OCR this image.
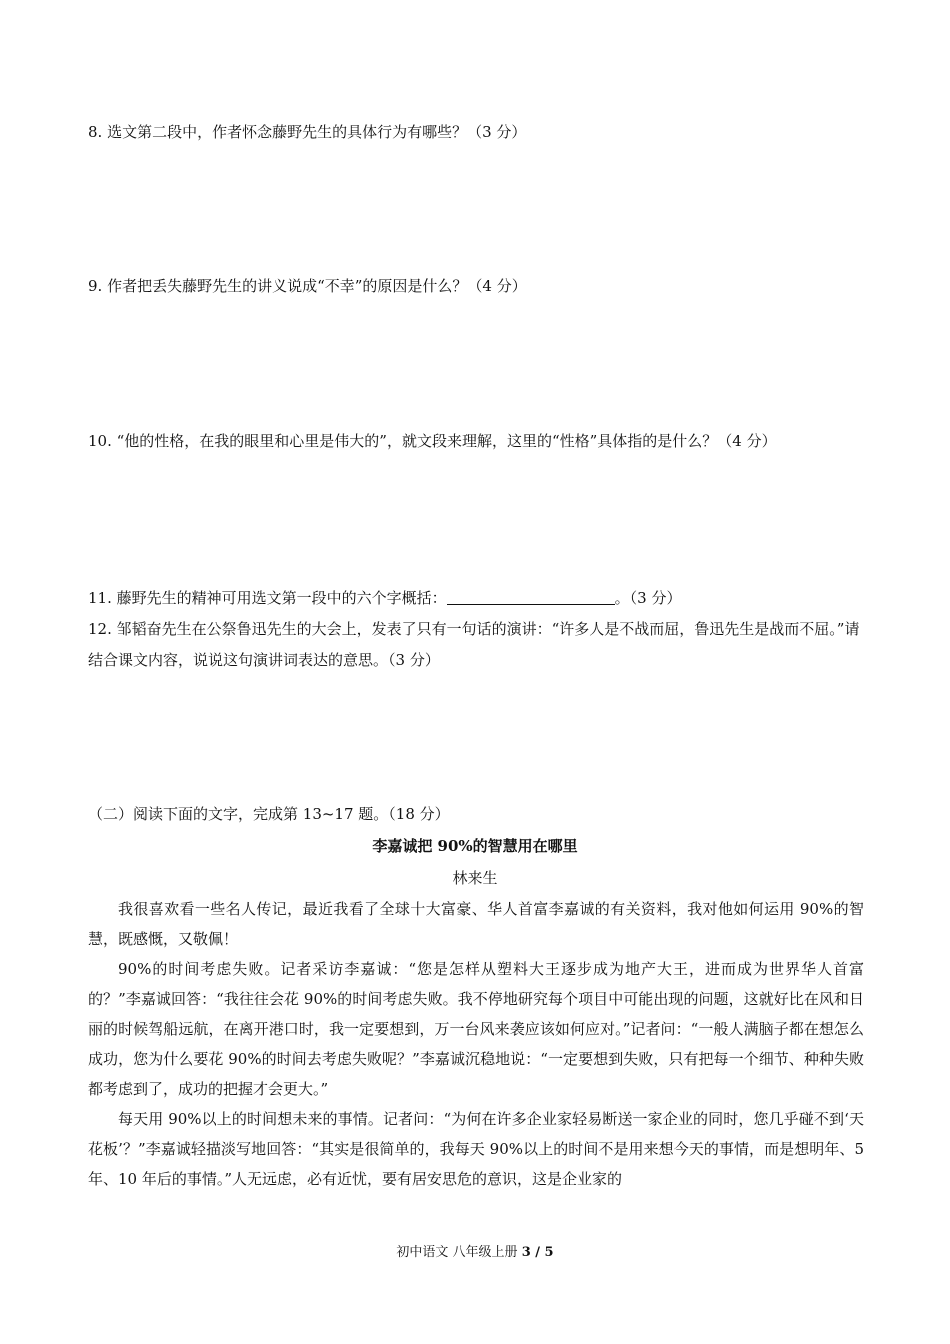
8. 选文第二段中，作者怀念藤野先生的具体行为有哪些？（3 分）
9. 作者把丢失藤野先生的讲义说成“不幸”的原因是什么？（4 分）
10. “他的性格，在我的眼里和心里是伟大的”，就文段来理解，这里的“性格”具体指的是什么？（4 分）
11. 藤野先生的精神可用选文第一段中的六个字概括：	。（3 分）
12. 邹韬奋先生在公祭鲁迅先生的大会上，发表了只有一句话的演讲：“许多人是不战而屈，鲁迅先生是战而不屈。”请结合课文内容，说说这句演讲词表达的意思。（3 分）
（二）阅读下面的文字，完成第 13~17 题。（18 分）
李嘉诚把 90%的智慧用在哪里
林来生

我很喜欢看一些名人传记，最近我看了全球十大富豪、华人首富李嘉诚的有关资料，我对他如何运用 90%的智慧，既感慨，又敬佩！

90%的时间考虑失败。记者采访李嘉诚：“您是怎样从塑料大王逐步成为地产大王，进而成为世界华人首富的？”李嘉诚回答：“我往往会花 90%的时间考虑失败。我不停地研究每个项目中可能出现的问题，这就好比在风和日丽的时候驾船远航，在离开港口时，我一定要想到，万一台风来袭应该如何应对。”记者问：“一般人满脑子都在想怎么成功，您为什么要花 90%的时间去考虑失败呢？”李嘉诚沉稳地说：“一定要想到失败，只有把每一个细节、种种失败都考虑到了，成功的把握才会更大。”

每天用 90%以上的时间想未来的事情。记者问：“为何在许多企业家轻易断送一家企业的同时，您几乎碰不到‘天花板’？”李嘉诚轻描淡写地回答：“其实是很简单的，我每天 90%以上的时间不是用来想今天的事情，而是想明年、5 年、10 年后的事情。”人无远虑，必有近忧，要有居安思危的意识，这是企业家的

初中语文 八年级上册 3 / 5
